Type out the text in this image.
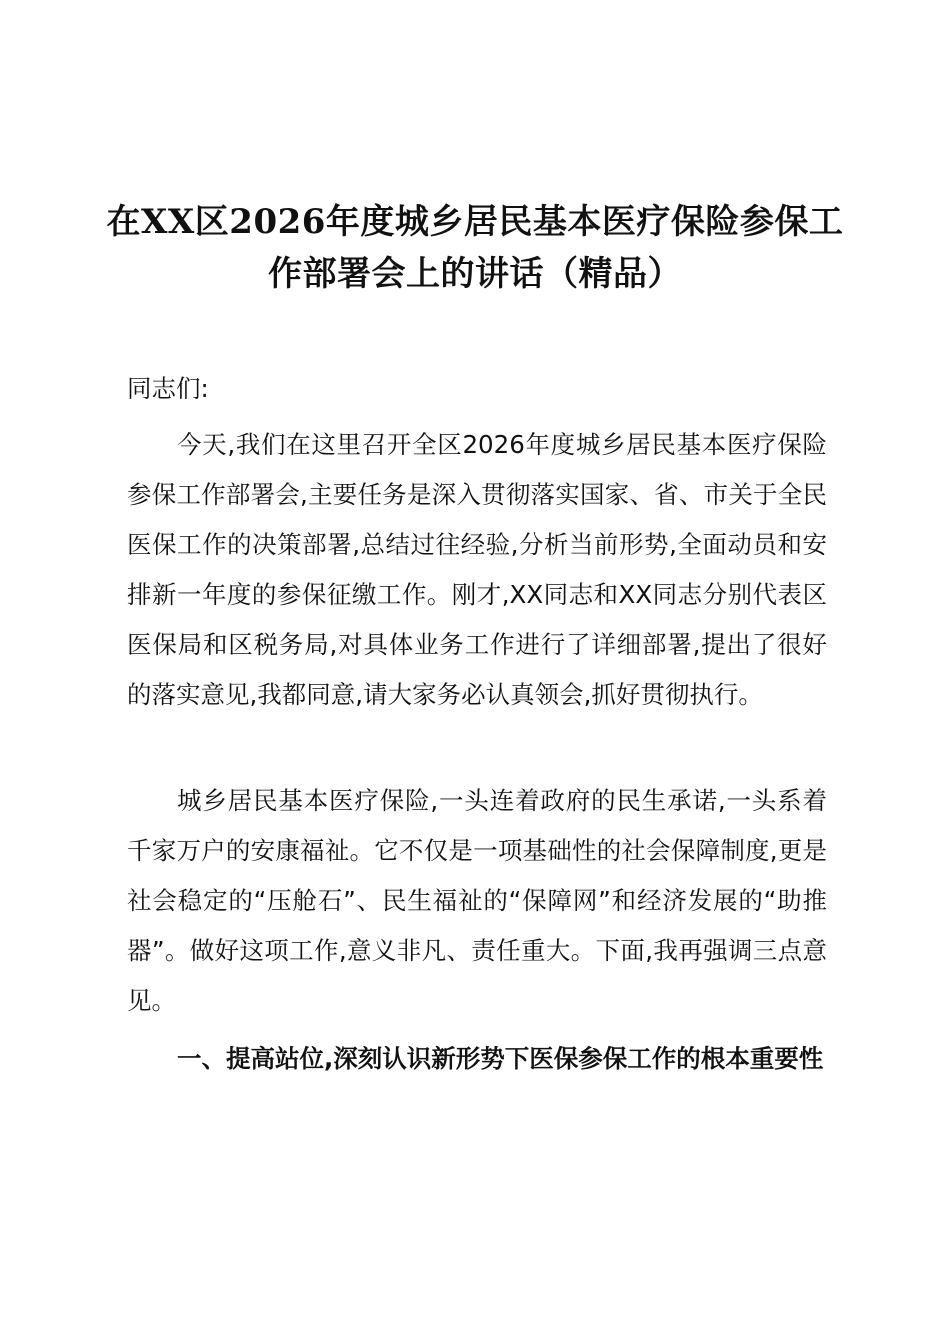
在XX区2026年度城乡居民基本医疗保险参保工作部署会上的讲话（精品）

同志们:

今天,我们在这里召开全区2026年度城乡居民基本医疗保险参保工作部署会,主要任务是深入贯彻落实国家、省、市关于全民医保工作的决策部署,总结过往经验,分析当前形势,全面动员和安排新一年度的参保征缴工作。刚才,XX同志和XX同志分别代表区医保局和区税务局,对具体业务工作进行了详细部署,提出了很好的落实意见,我都同意,请大家务必认真领会,抓好贯彻执行。

城乡居民基本医疗保险,一头连着政府的民生承诺,一头系着千家万户的安康福祉。它不仅是一项基础性的社会保障制度,更是社会稳定的“压舱石”、民生福祉的“保障网”和经济发展的“助推器”。做好这项工作,意义非凡、责任重大。下面,我再强调三点意见。

一、提高站位,深刻认识新形势下医保参保工作的根本重要性
